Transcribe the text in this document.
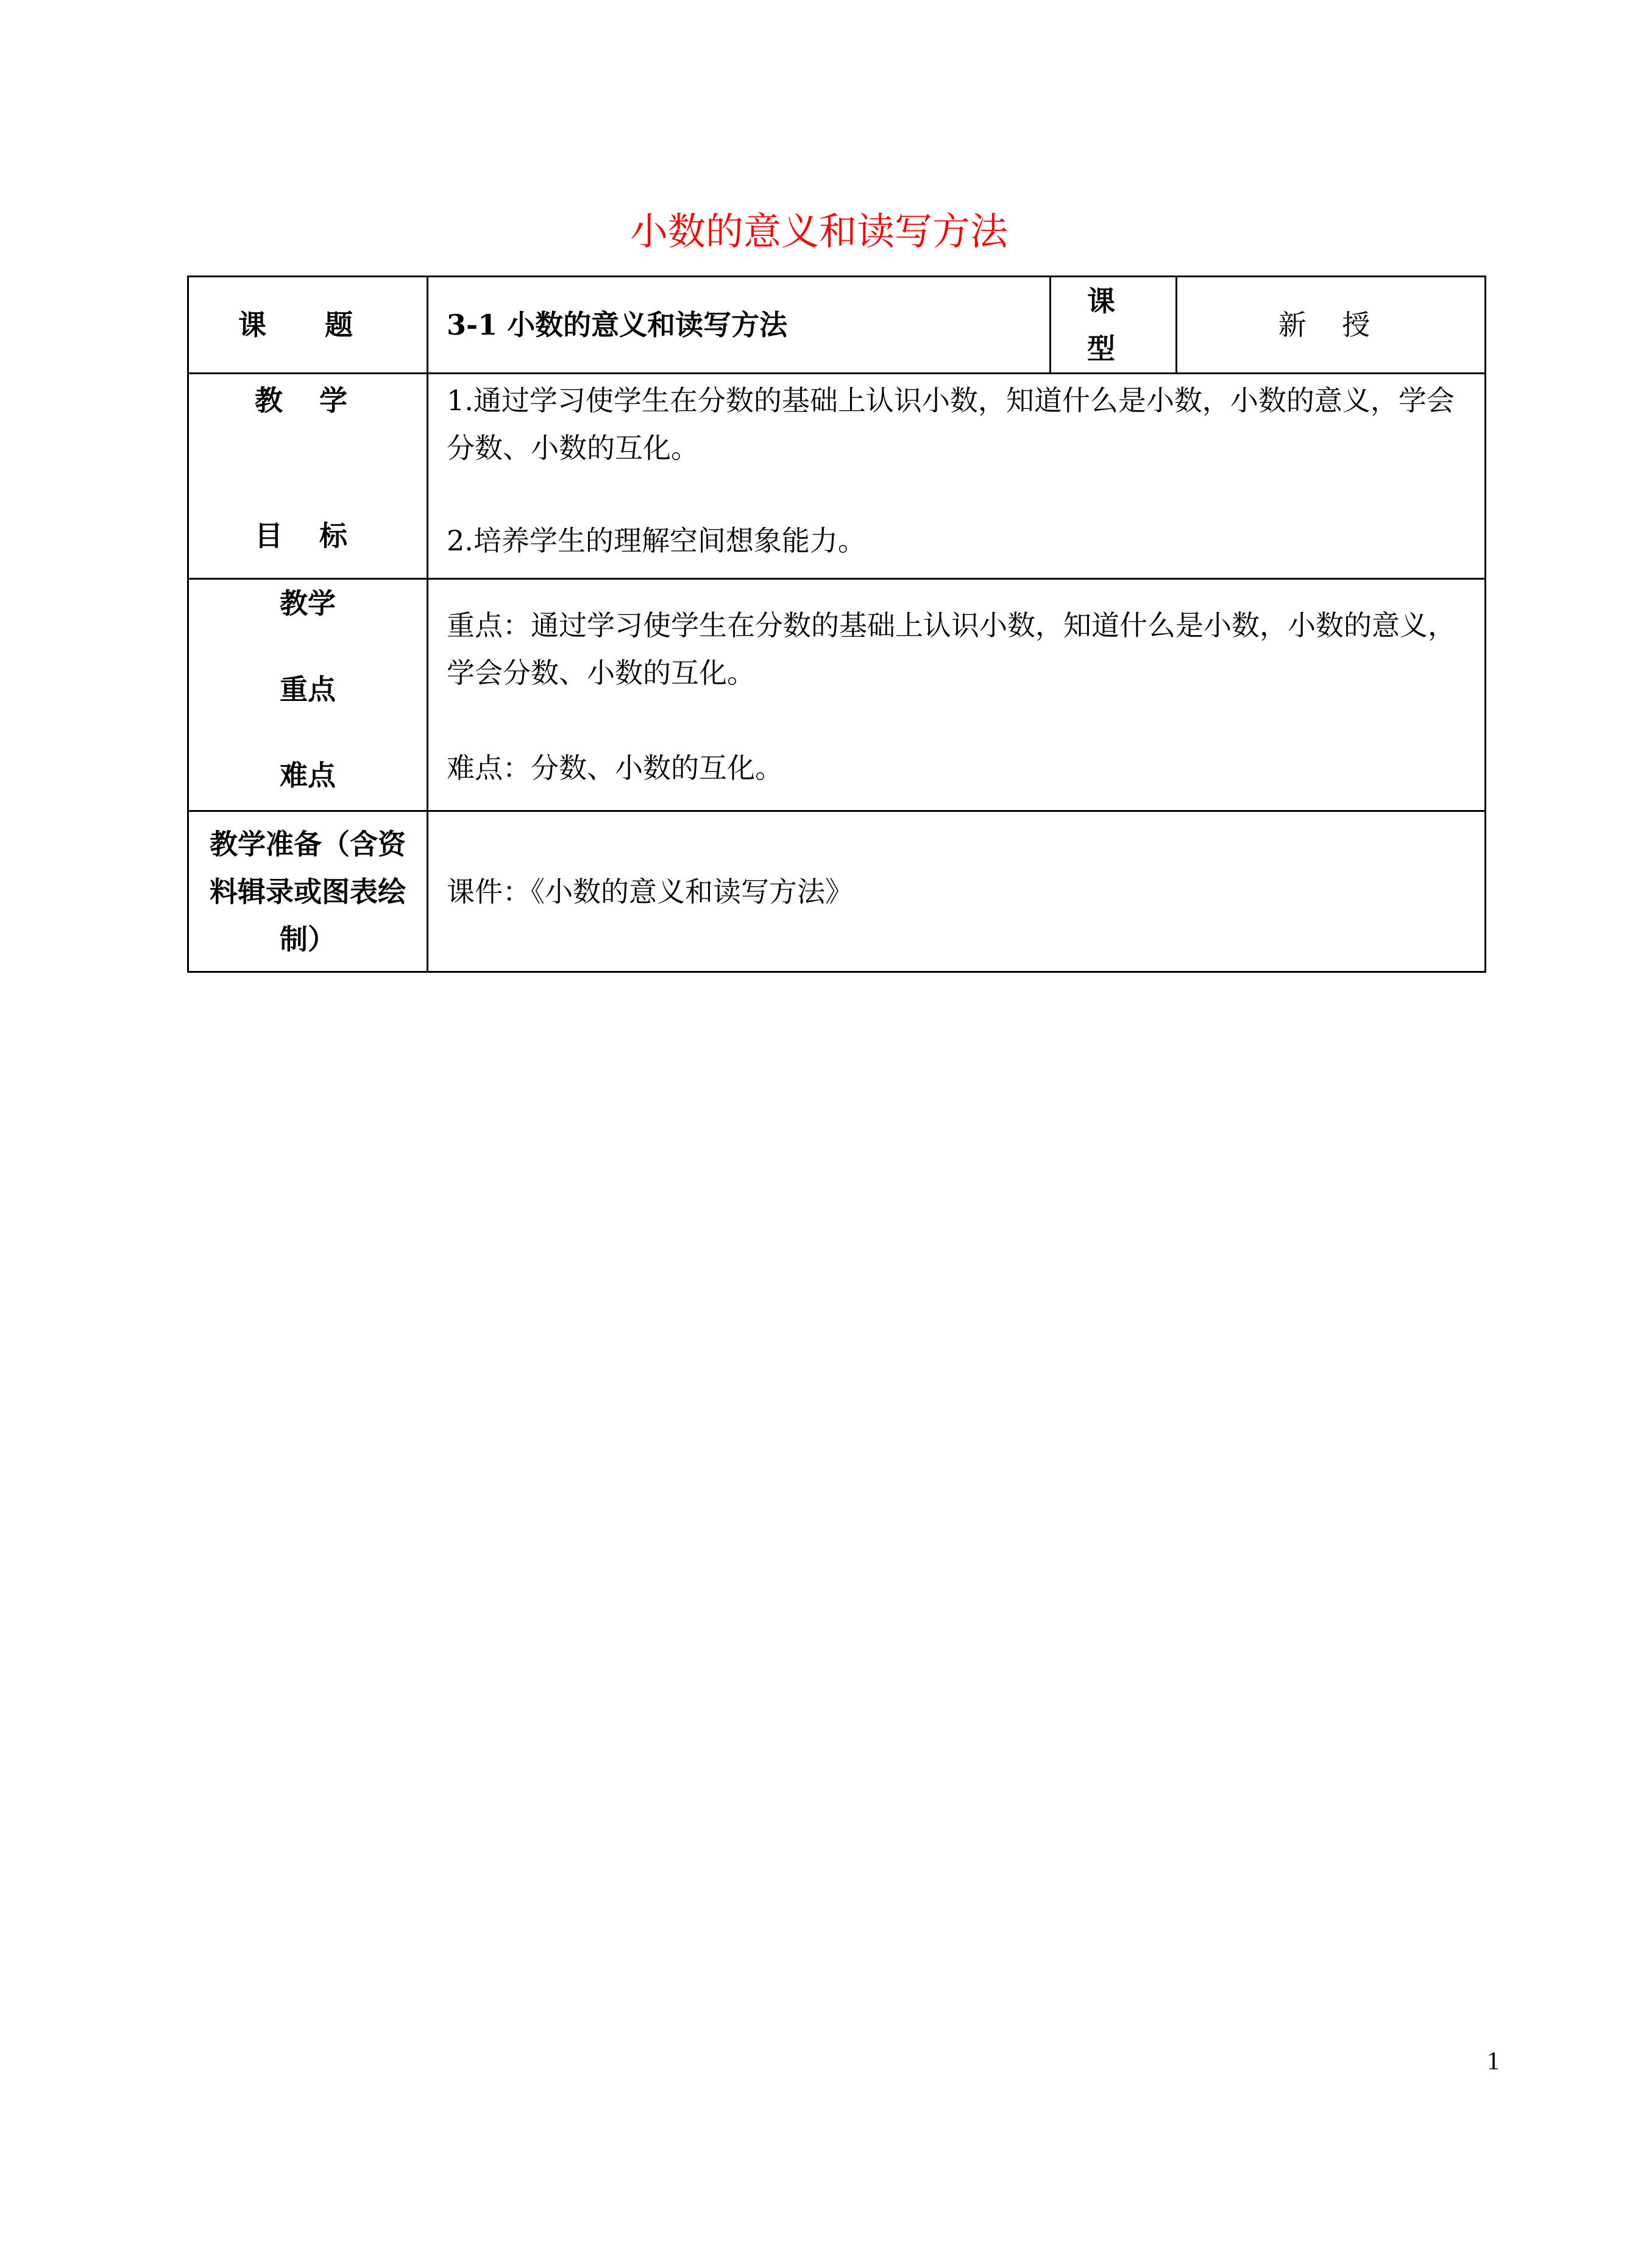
小数的意义和读写方法
课 题	3-1 小数的意义和读写方法	课 型	新 授

教 学
目 标	1.通过学习使学生在分数的基础上认识小数，知道什么是小数，小数的意义，学会分数、小数的互化。
2.培养学生的理解空间想象能力。		

教学
重点
难点	重点：通过学习使学生在分数的基础上认识小数，知道什么是小数，小数的意义，学会分数、小数的互化。
难点：分数、小数的互化。		

教学准备（含资料辑录或图表绘制）	课件：《小数的意义和读写方法》		
1
